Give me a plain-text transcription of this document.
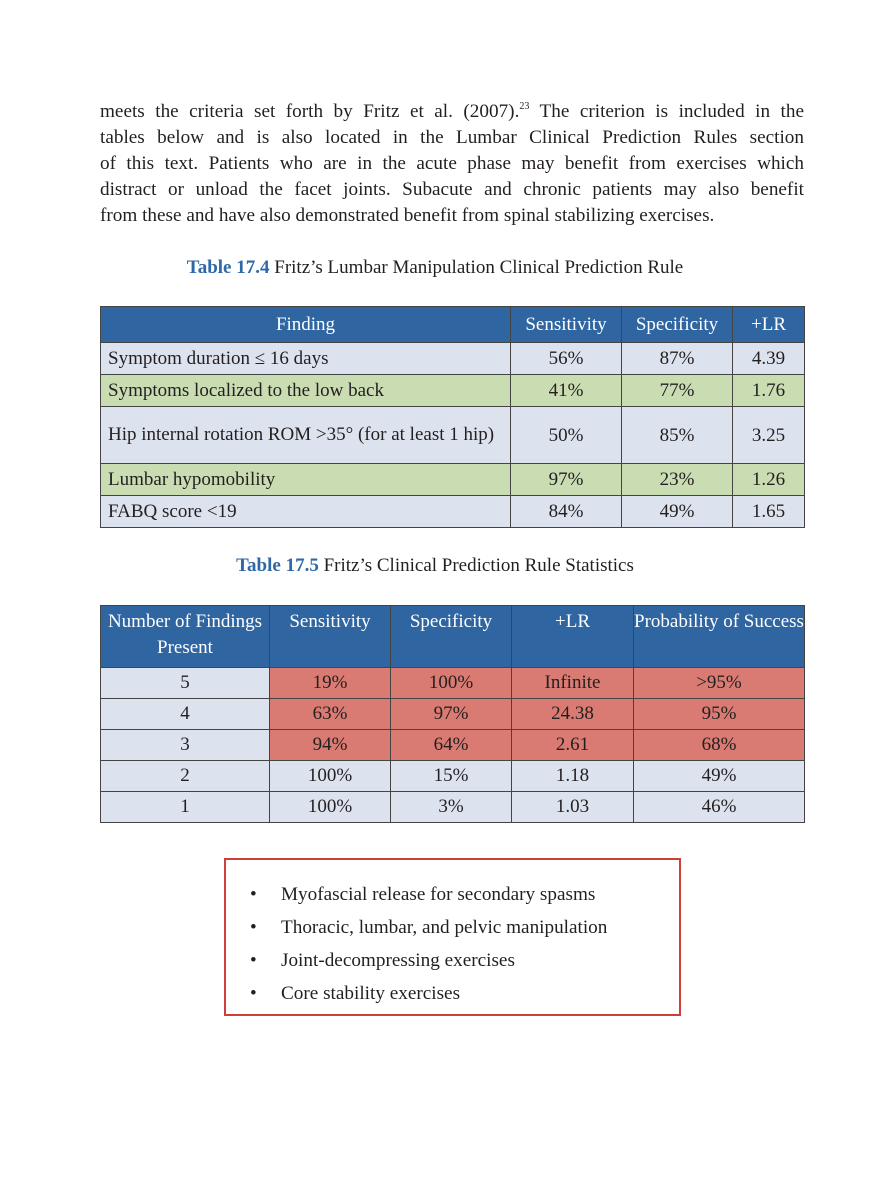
meets the criteria set forth by Fritz et al. (2007).$^{23}$ The criterion is included in the
tables below and is also located in the Lumbar Clinical Prediction Rules section
of this text. Patients who are in the acute phase may benefit from exercises which
distract or unload the facet joints. Subacute and chronic patients may also benefit
from these and have also demonstrated benefit from spinal stabilizing exercises.
Table 17.4 Fritz’s Lumbar Manipulation Clinical Prediction Rule
Finding	Sensitivity	Specificity	+LR
Symptom duration ≤ 16 days	56%	87%	4.39
Symptoms localized to the low back	41%	77%	1.76
Hip internal rotation ROM >35° (for at least 1 hip)	50%	85%	3.25
Lumbar hypomobility	97%	23%	1.26
FABQ score <19	84%	49%	1.65
Table 17.5 Fritz’s Clinical Prediction Rule Statistics
Number of Findings Present	Sensitivity	Specificity	+LR	Probability of Success
5	19%	100%	Infinite	>95%
4	63%	97%	24.38	95%
3	94%	64%	2.61	68%
2	100%	15%	1.18	49%
1	100%	3%	1.03	46%
• Myofascial release for secondary spasms
• Thoracic, lumbar, and pelvic manipulation
• Joint-decompressing exercises
• Core stability exercises
